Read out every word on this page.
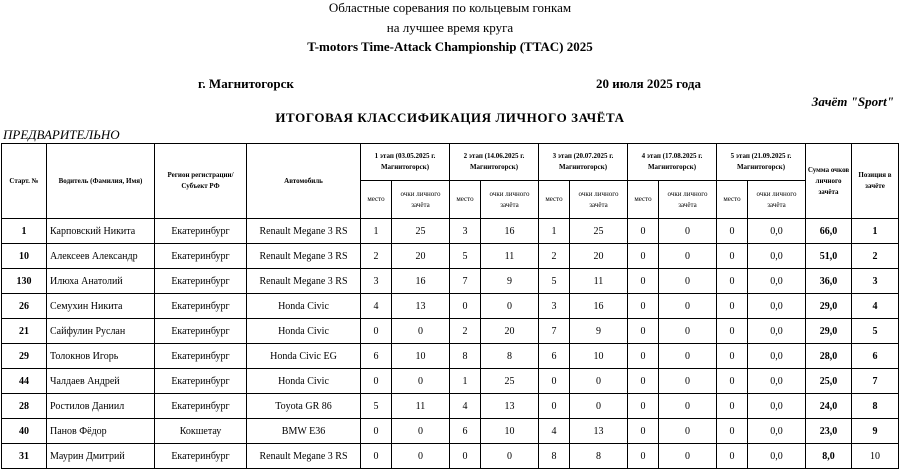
Областные соревания по кольцевым гонкам
на лучшее время круга
T-motors Time-Attack Championship (TTAC) 2025
г. Магнитогорск	20 июля 2025 года
Зачёт "Sport"
ИТОГОВАЯ КЛАССИФИКАЦИЯ ЛИЧНОГО ЗАЧЁТА
ПРЕДВАРИТЕЛЬНО
Старт. №	Водитель (Фамилия, Имя)	Регион регистрации/Субъект РФ	Автомобиль	1 этап (03.05.2025 г. Магнитогорск)		2 этап (14.06.2025 г. Магнитогорск)		3 этап (20.07.2025 г. Магнитогорск)		4 этап (17.08.2025 г. Магнитогорск)		5 этап (21.09.2025 г. Магнитогорск)		Сумма очков личного зачёта	Позиция в зачёте
				место	очки личного зачёта	место	очки личного зачёта	место	очки личного зачёта	место	очки личного зачёта	место	очки личного зачёта		
1	Карповский Никита	Екатеринбург	Renault Megane 3 RS	1	25	3	16	1	25	0	0	0	0,0	66,0	1
10	Алексеев Александр	Екатеринбург	Renault Megane 3 RS	2	20	5	11	2	20	0	0	0	0,0	51,0	2
130	Илюха Анатолий	Екатеринбург	Renault Megane 3 RS	3	16	7	9	5	11	0	0	0	0,0	36,0	3
26	Семухин Никита	Екатеринбург	Honda Civic	4	13	0	0	3	16	0	0	0	0,0	29,0	4
21	Сайфулин Руслан	Екатеринбург	Honda Civic	0	0	2	20	7	9	0	0	0	0,0	29,0	5
29	Толокнов Игорь	Екатеринбург	Honda Civic EG	6	10	8	8	6	10	0	0	0	0,0	28,0	6
44	Чалдаев Андрей	Екатеринбург	Honda Civic	0	0	1	25	0	0	0	0	0	0,0	25,0	7
28	Ростилов Даниил	Екатеринбург	Toyota GR 86	5	11	4	13	0	0	0	0	0	0,0	24,0	8
40	Панов Фёдор	Кокшетау	BMW E36	0	0	6	10	4	13	0	0	0	0,0	23,0	9
31	Маурин Дмитрий	Екатеринбург	Renault Megane 3 RS	0	0	0	0	8	8	0	0	0	0,0	8,0	10
